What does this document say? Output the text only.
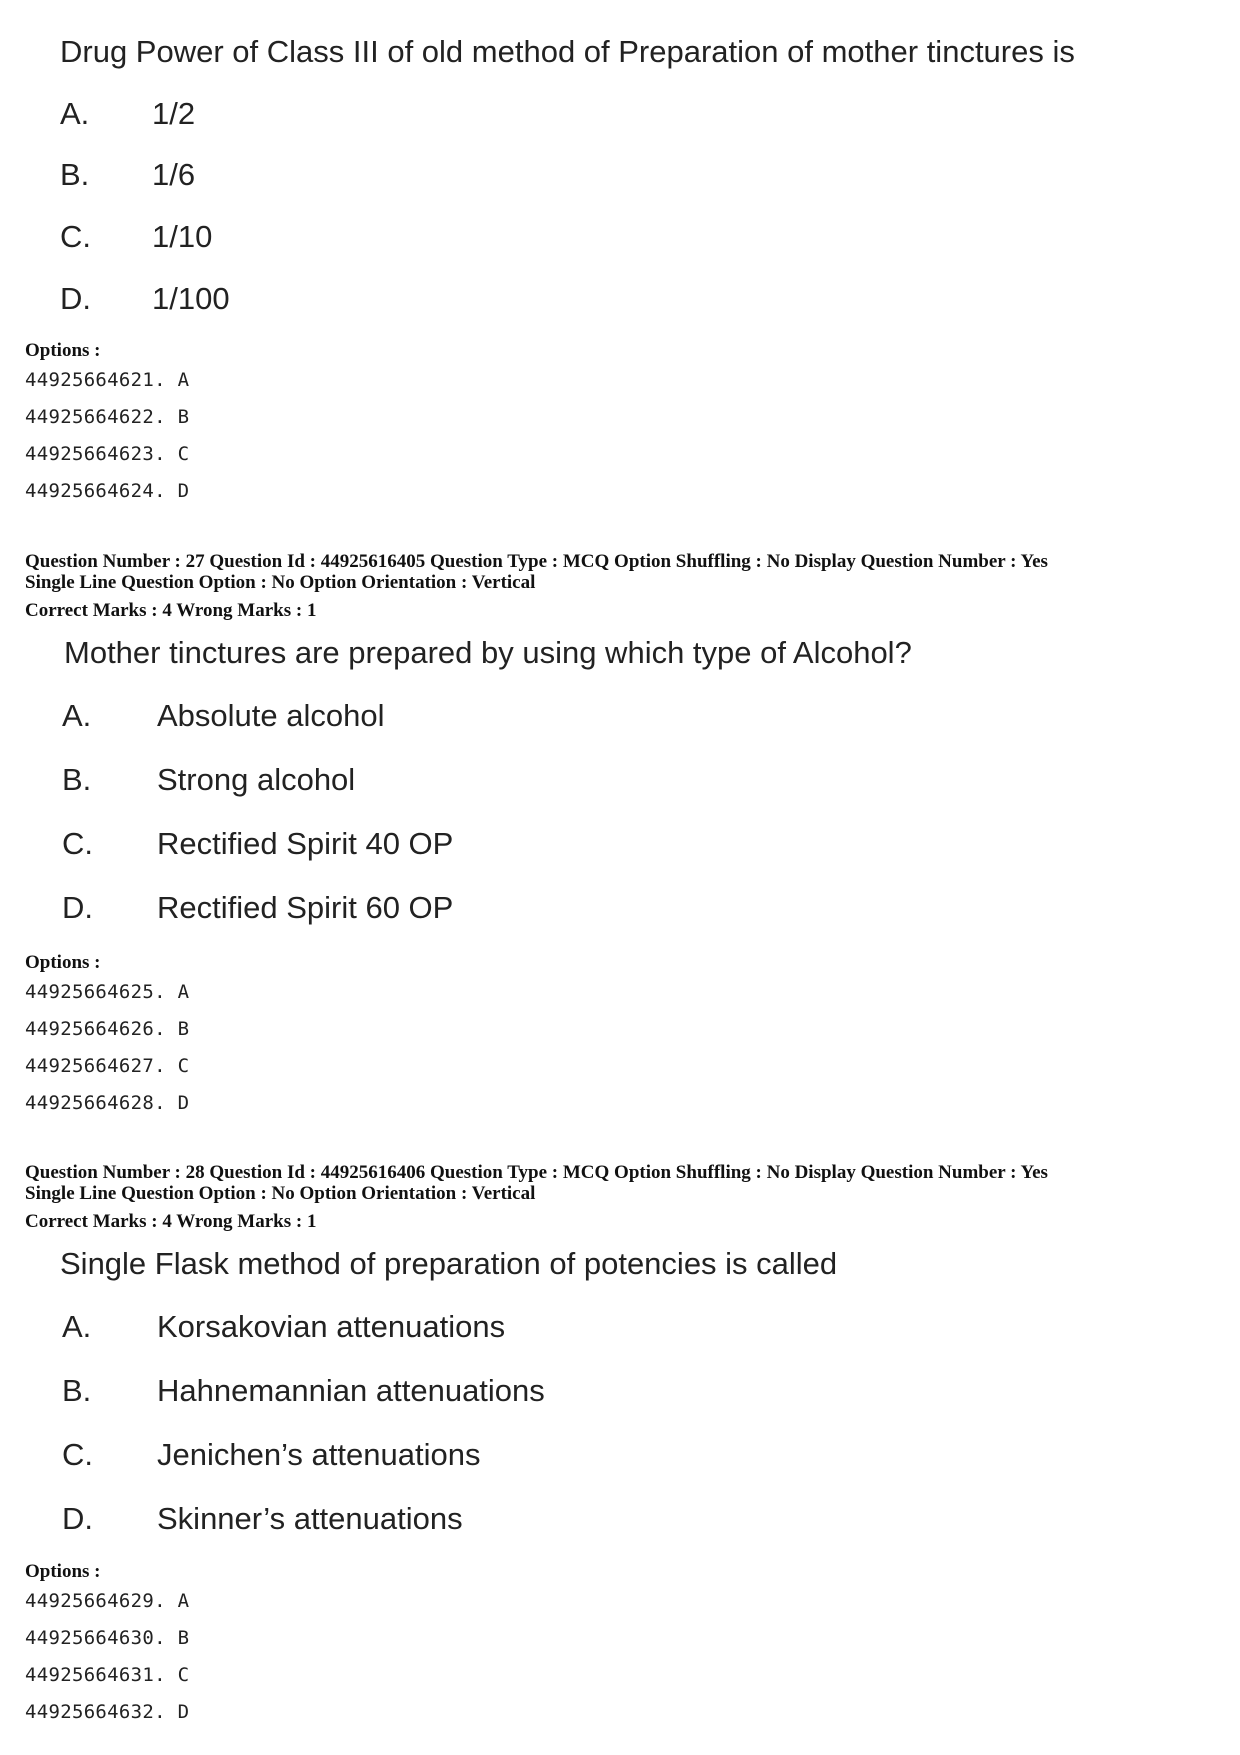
Drug Power of Class III of old method of Preparation of mother tinctures is
A. 1/2
B. 1/6
C. 1/10
D. 1/100
Options :
44925664621. A
44925664622. B
44925664623. C
44925664624. D
Question Number : 27 Question Id : 44925616405 Question Type : MCQ Option Shuffling : No Display Question Number : Yes
Single Line Question Option : No Option Orientation : Vertical
Correct Marks : 4 Wrong Marks : 1
Mother tinctures are prepared by using which type of Alcohol?
A. Absolute alcohol
B. Strong alcohol
C. Rectified Spirit 40 OP
D. Rectified Spirit 60 OP
Options :
44925664625. A
44925664626. B
44925664627. C
44925664628. D
Question Number : 28 Question Id : 44925616406 Question Type : MCQ Option Shuffling : No Display Question Number : Yes
Single Line Question Option : No Option Orientation : Vertical
Correct Marks : 4 Wrong Marks : 1
Single Flask method of preparation of potencies is called
A. Korsakovian attenuations
B. Hahnemannian attenuations
C. Jenichen’s attenuations
D. Skinner’s attenuations
Options :
44925664629. A
44925664630. B
44925664631. C
44925664632. D
